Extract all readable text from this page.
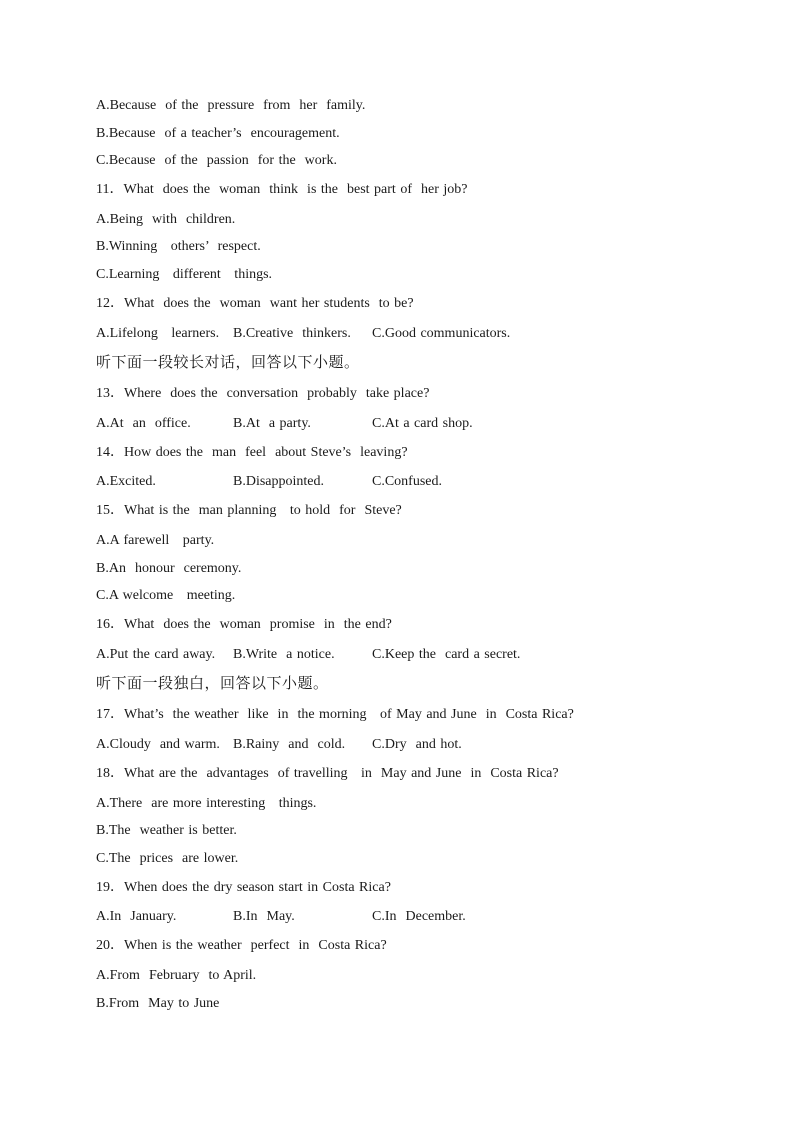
A.Because  of the  pressure  from  her  family.
B.Because  of a teacher’s  encouragement.
C.Because  of the  passion  for the  work.
11．What  does the  woman  think  is the  best part of  her job?
A.Being  with  children.
B.Winning   others’  respect.
C.Learning   different   things.
12．What  does the  woman  want her students  to be?
A.Lifelong   learners. B.Creative  thinkers. C.Good communicators.
听下面一段较长对话，回答以下小题。
13．Where  does the  conversation  probably  take place?
A.At  an  office.	B.At  a party.	C.At a card shop.
14．How does the  man  feel  about Steve’s  leaving?
A.Excited.	B.Disappointed.	C.Confused.
15．What is the  man planning   to hold  for  Steve?
A.A farewell   party.
B.An  honour  ceremony.
C.A welcome   meeting.
16．What  does the  woman  promise  in  the end?
A.Put the card away. B.Write  a notice.	C.Keep the  card a secret.
听下面一段独白，回答以下小题。
17．What’s  the weather  like  in  the morning   of May and June  in  Costa Rica?
A.Cloudy  and warm. B.Rainy  and  cold. C.Dry  and hot.
18．What are the  advantages  of travelling   in  May and June  in  Costa Rica?
A.There  are more interesting   things.
B.The  weather is better.
C.The  prices  are lower.
19．When does the dry season start in Costa Rica?
A.In  January.	B.In  May.	C.In  December.
20．When is the weather  perfect  in  Costa Rica?
A.From  February  to April.
B.From  May to June
